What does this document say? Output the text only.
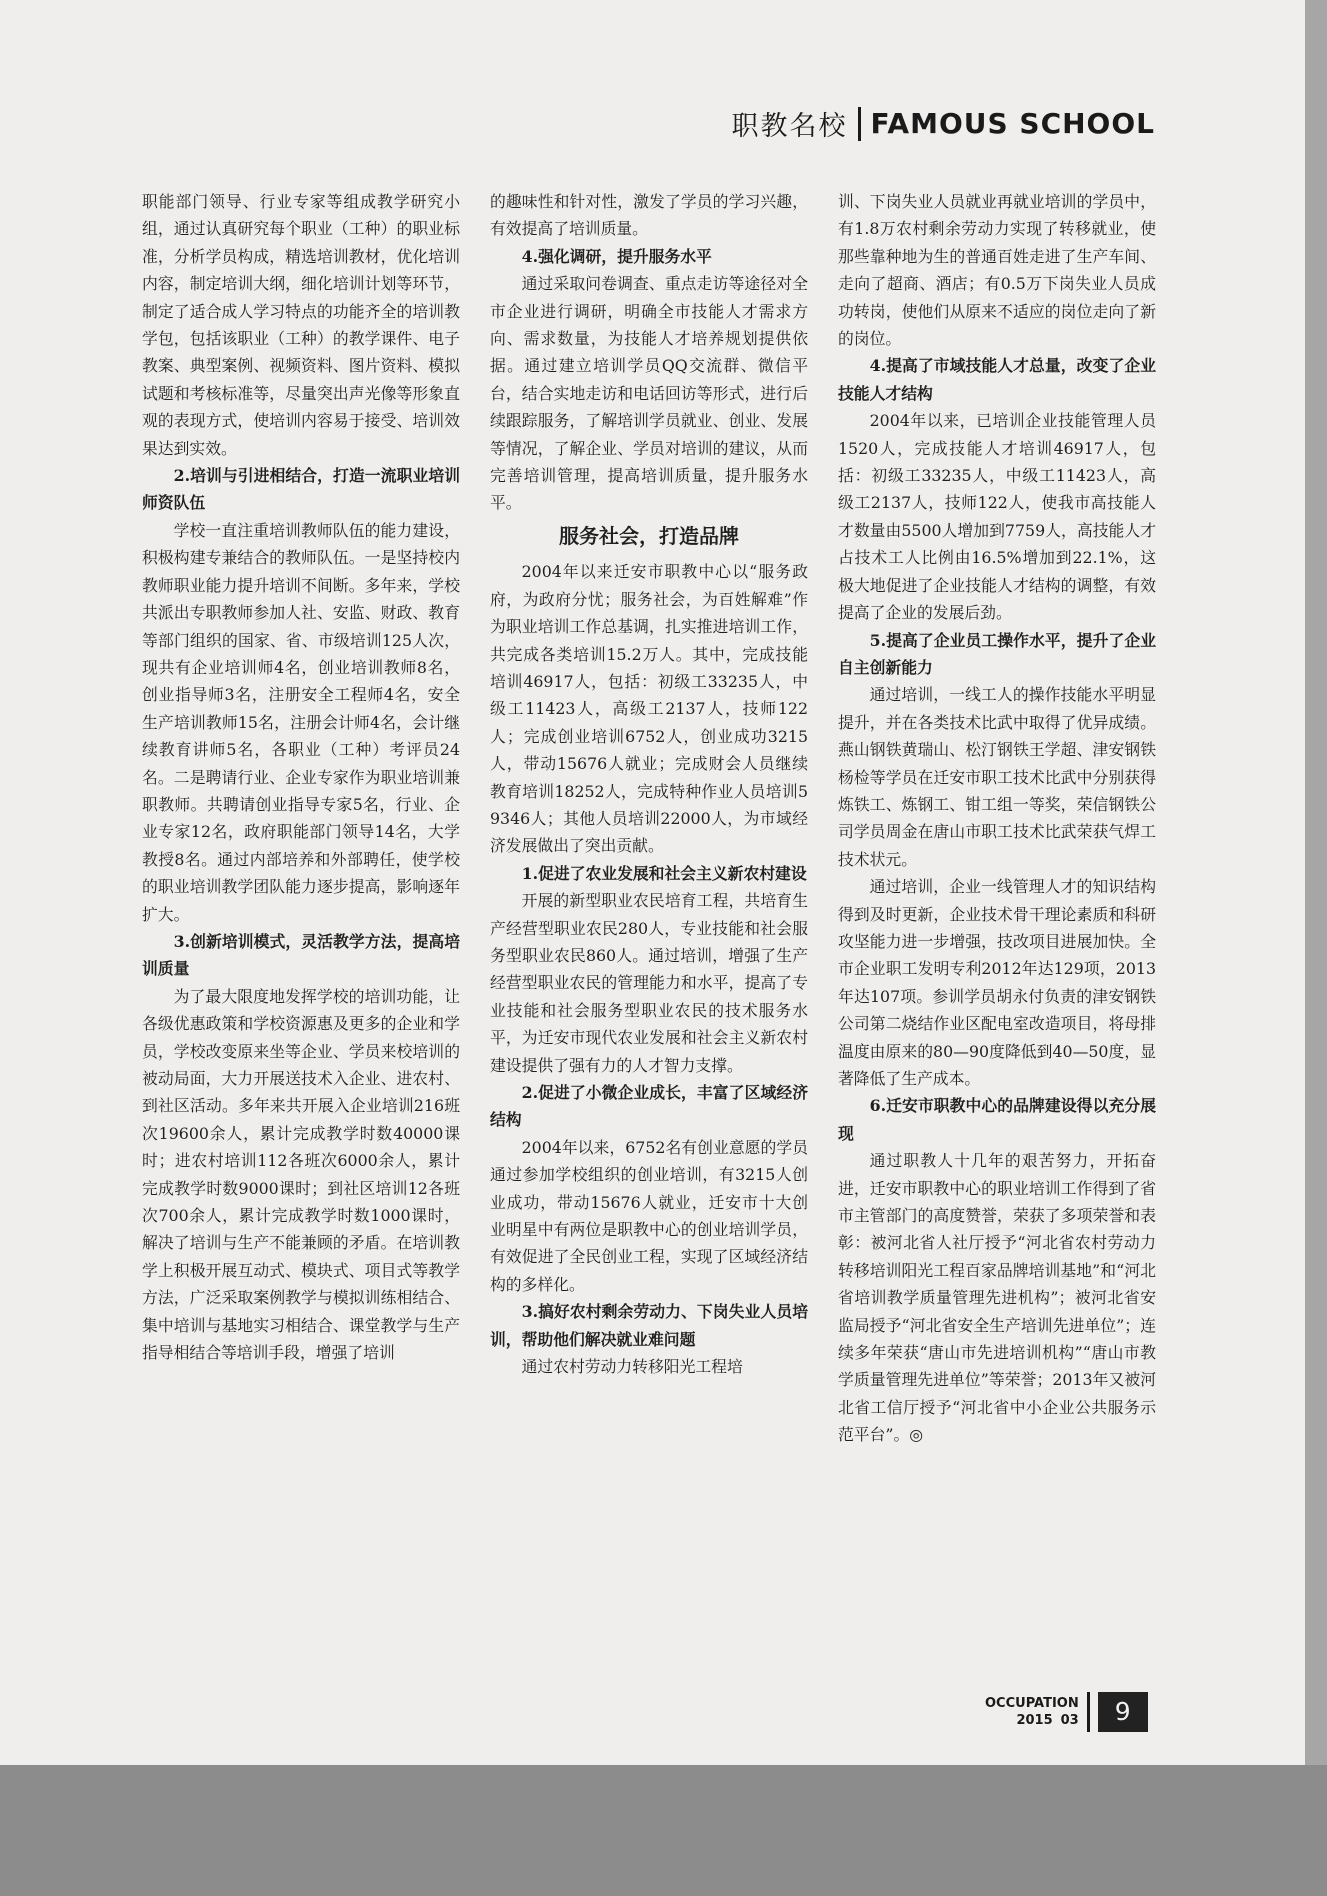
职教名校 FAMOUS SCHOOL

职能部门领导、行业专家等组成教学研究小组，通过认真研究每个职业（工种）的职业标准，分析学员构成，精选培训教材，优化培训内容，制定培训大纲，细化培训计划等环节，制定了适合成人学习特点的功能齐全的培训教学包，包括该职业（工种）的教学课件、电子教案、典型案例、视频资料、图片资料、模拟试题和考核标准等，尽量突出声光像等形象直观的表现方式，使培训内容易于接受、培训效果达到实效。

2.培训与引进相结合，打造一流职业培训师资队伍

学校一直注重培训教师队伍的能力建设，积极构建专兼结合的教师队伍。一是坚持校内教师职业能力提升培训不间断。多年来，学校共派出专职教师参加人社、安监、财政、教育等部门组织的国家、省、市级培训125人次，现共有企业培训师4名，创业培训教师8名，创业指导师3名，注册安全工程师4名，安全生产培训教师15名，注册会计师4名，会计继续教育讲师5名，各职业（工种）考评员24名。二是聘请行业、企业专家作为职业培训兼职教师。共聘请创业指导专家5名，行业、企业专家12名，政府职能部门领导14名，大学教授8名。通过内部培养和外部聘任，使学校的职业培训教学团队能力逐步提高，影响逐年扩大。

3.创新培训模式，灵活教学方法，提高培训质量

为了最大限度地发挥学校的培训功能，让各级优惠政策和学校资源惠及更多的企业和学员，学校改变原来坐等企业、学员来校培训的被动局面，大力开展送技术入企业、进农村、到社区活动。多年来共开展入企业培训216班次19600余人，累计完成教学时数40000课时；进农村培训112各班次6000余人，累计完成教学时数9000课时；到社区培训12各班次700余人，累计完成教学时数1000课时，解决了培训与生产不能兼顾的矛盾。在培训教学上积极开展互动式、模块式、项目式等教学方法，广泛采取案例教学与模拟训练相结合、集中培训与基地实习相结合、课堂教学与生产指导相结合等培训手段，增强了培训

的趣味性和针对性，激发了学员的学习兴趣，有效提高了培训质量。

4.强化调研，提升服务水平

通过采取问卷调查、重点走访等途径对全市企业进行调研，明确全市技能人才需求方向、需求数量，为技能人才培养规划提供依据。通过建立培训学员QQ交流群、微信平台，结合实地走访和电话回访等形式，进行后续跟踪服务，了解培训学员就业、创业、发展等情况，了解企业、学员对培训的建议，从而完善培训管理，提高培训质量，提升服务水平。

服务社会，打造品牌

2004年以来迁安市职教中心以“服务政府，为政府分忧；服务社会，为百姓解难”作为职业培训工作总基调，扎实推进培训工作，共完成各类培训15.2万人。其中，完成技能培训46917人，包括：初级工33235人，中级工11423人，高级工2137人，技师122人；完成创业培训6752人，创业成功3215人，带动15676人就业；完成财会人员继续教育培训18252人，完成特种作业人员培训59346人；其他人员培训22000人，为市域经济发展做出了突出贡献。

1.促进了农业发展和社会主义新农村建设

开展的新型职业农民培育工程，共培育生产经营型职业农民280人，专业技能和社会服务型职业农民860人。通过培训，增强了生产经营型职业农民的管理能力和水平，提高了专业技能和社会服务型职业农民的技术服务水平，为迁安市现代农业发展和社会主义新农村建设提供了强有力的人才智力支撑。

2.促进了小微企业成长，丰富了区域经济结构

2004年以来，6752名有创业意愿的学员通过参加学校组织的创业培训，有3215人创业成功，带动15676人就业，迁安市十大创业明星中有两位是职教中心的创业培训学员，有效促进了全民创业工程，实现了区域经济结构的多样化。

3.搞好农村剩余劳动力、下岗失业人员培训，帮助他们解决就业难问题

通过农村劳动力转移阳光工程培

训、下岗失业人员就业再就业培训的学员中，有1.8万农村剩余劳动力实现了转移就业，使那些靠种地为生的普通百姓走进了生产车间、走向了超商、酒店；有0.5万下岗失业人员成功转岗，使他们从原来不适应的岗位走向了新的岗位。

4.提高了市域技能人才总量，改变了企业技能人才结构

2004年以来，已培训企业技能管理人员1520人，完成技能人才培训46917人，包括：初级工33235人，中级工11423人，高级工2137人，技师122人，使我市高技能人才数量由5500人增加到7759人，高技能人才占技术工人比例由16.5%增加到22.1%，这极大地促进了企业技能人才结构的调整，有效提高了企业的发展后劲。

5.提高了企业员工操作水平，提升了企业自主创新能力

通过培训，一线工人的操作技能水平明显提升，并在各类技术比武中取得了优异成绩。燕山钢铁黄瑞山、松汀钢铁王学超、津安钢铁杨检等学员在迁安市职工技术比武中分别获得炼铁工、炼钢工、钳工组一等奖，荣信钢铁公司学员周金在唐山市职工技术比武荣获气焊工技术状元。

通过培训，企业一线管理人才的知识结构得到及时更新，企业技术骨干理论素质和科研攻坚能力进一步增强，技改项目进展加快。全市企业职工发明专利2012年达129项，2013年达107项。参训学员胡永付负责的津安钢铁公司第二烧结作业区配电室改造项目，将母排温度由原来的80—90度降低到40—50度，显著降低了生产成本。

6.迁安市职教中心的品牌建设得以充分展现

通过职教人十几年的艰苦努力，开拓奋进，迁安市职教中心的职业培训工作得到了省市主管部门的高度赞誉，荣获了多项荣誉和表彰：被河北省人社厅授予“河北省农村劳动力转移培训阳光工程百家品牌培训基地”和“河北省培训教学质量管理先进机构”；被河北省安监局授予“河北省安全生产培训先进单位”；连续多年荣获“唐山市先进培训机构”“唐山市教学质量管理先进单位”等荣誉；2013年又被河北省工信厅授予“河北省中小企业公共服务示范平台”。◎

OCCUPATION
2015 03	9
